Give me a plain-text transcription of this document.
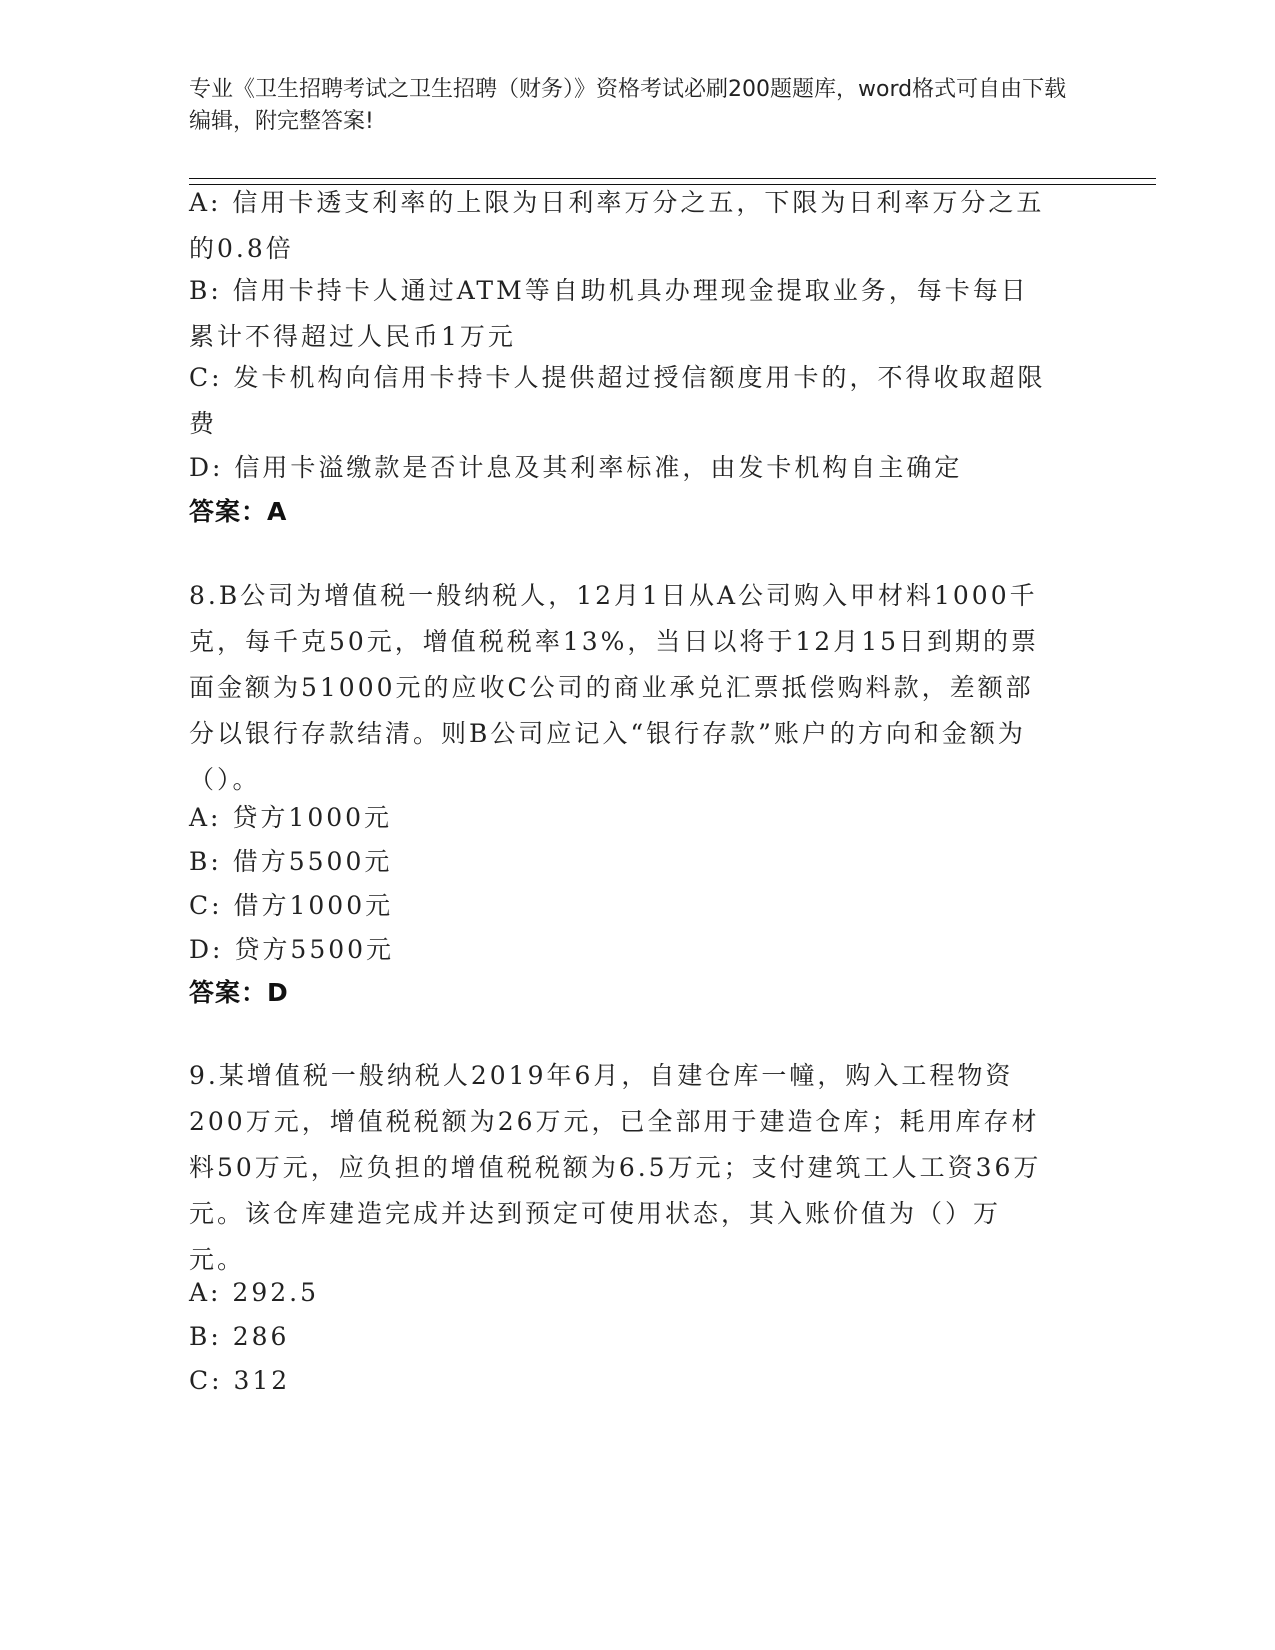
专业《卫生招聘考试之卫生招聘（财务）》资格考试必刷200题题库，word格式可自由下载编辑，附完整答案!
A: 信用卡透支利率的上限为日利率万分之五，下限为日利率万分之五的0.8倍
B: 信用卡持卡人通过ATM等自助机具办理现金提取业务，每卡每日累计不得超过人民币1万元
C: 发卡机构向信用卡持卡人提供超过授信额度用卡的，不得收取超限费
D: 信用卡溢缴款是否计息及其利率标准，由发卡机构自主确定
答案：A
8.B公司为增值税一般纳税人，12月1日从A公司购入甲材料1000千克，每千克50元，增值税税率13%，当日以将于12月15日到期的票面金额为51000元的应收C公司的商业承兑汇票抵偿购料款，差额部分以银行存款结清。则B公司应记入“银行存款”账户的方向和金额为（）。
A: 贷方1000元
B: 借方5500元
C: 借方1000元
D: 贷方5500元
答案：D
9.某增值税一般纳税人2019年6月，自建仓库一幢，购入工程物资200万元，增值税税额为26万元，已全部用于建造仓库；耗用库存材料50万元，应负担的增值税税额为6.5万元；支付建筑工人工资36万元。该仓库建造完成并达到预定可使用状态，其入账价值为（）万元。
A: 292.5
B: 286
C: 312
